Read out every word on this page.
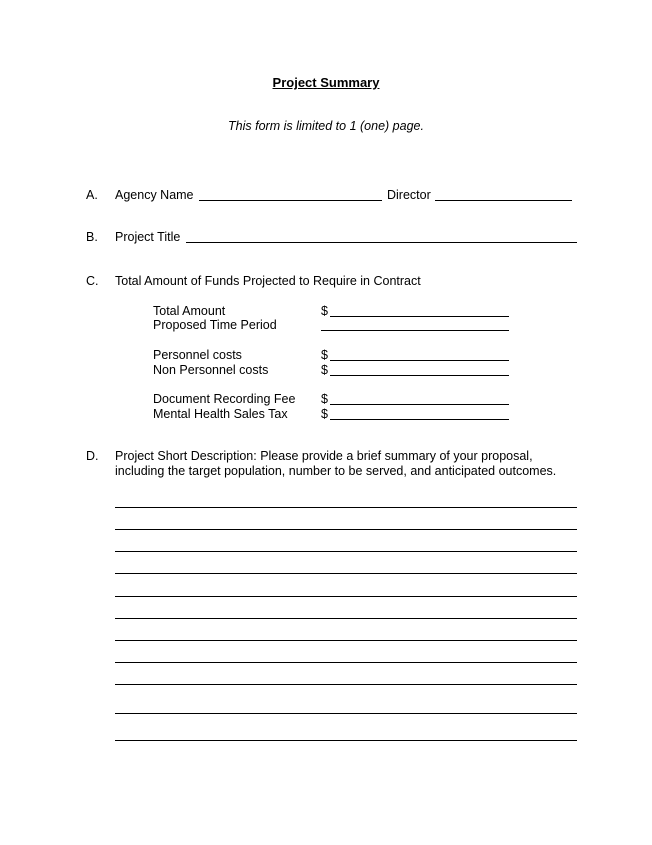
Project Summary
This form is limited to 1 (one) page.
A. Agency Name	Director
B. Project Title
C. Total Amount of Funds Projected to Require in Contract
Total Amount	$
Proposed Time Period
Personnel costs	$
Non Personnel costs	$
Document Recording Fee $
Mental Health Sales Tax	$
D. Project Short Description: Please provide a brief summary of your proposal,
including the target population, number to be served, and anticipated outcomes.
